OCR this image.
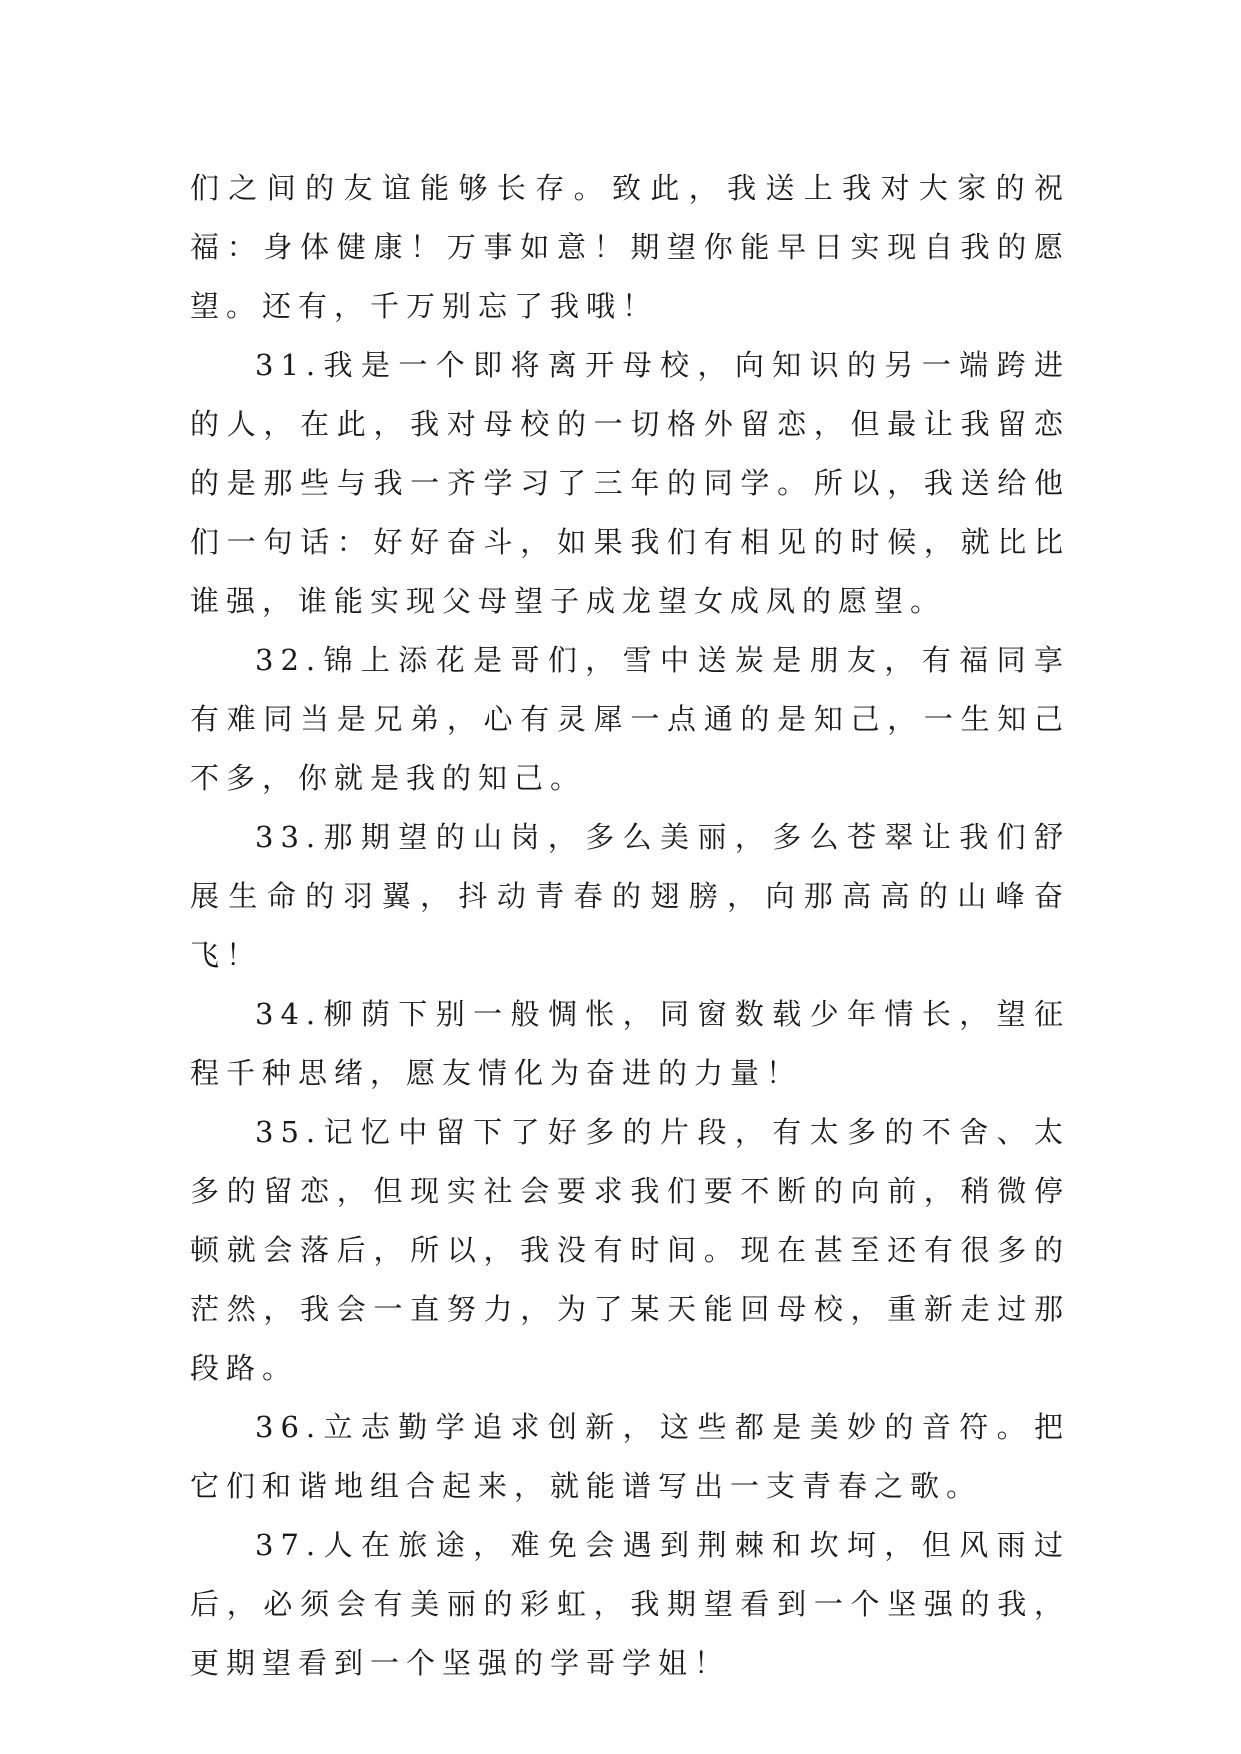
们之间的友谊能够长存。致此，我送上我对大家的祝福：身体健康！万事如意！期望你能早日实现自我的愿望。还有，千万别忘了我哦！

31.我是一个即将离开母校，向知识的另一端跨进的人，在此，我对母校的一切格外留恋，但最让我留恋的是那些与我一齐学习了三年的同学。所以，我送给他们一句话：好好奋斗，如果我们有相见的时候，就比比谁强，谁能实现父母望子成龙望女成凤的愿望。

32.锦上添花是哥们，雪中送炭是朋友，有福同享有难同当是兄弟，心有灵犀一点通的是知己，一生知己不多，你就是我的知己。

33.那期望的山岗，多么美丽，多么苍翠让我们舒展生命的羽翼，抖动青春的翅膀，向那高高的山峰奋飞！

34.柳荫下别一般惆怅，同窗数载少年情长，望征程千种思绪，愿友情化为奋进的力量！

35.记忆中留下了好多的片段，有太多的不舍、太多的留恋，但现实社会要求我们要不断的向前，稍微停顿就会落后，所以，我没有时间。现在甚至还有很多的茫然，我会一直努力，为了某天能回母校，重新走过那段路。

36.立志勤学追求创新，这些都是美妙的音符。把它们和谐地组合起来，就能谱写出一支青春之歌。

37.人在旅途，难免会遇到荆棘和坎坷，但风雨过后，必须会有美丽的彩虹，我期望看到一个坚强的我，更期望看到一个坚强的学哥学姐！
